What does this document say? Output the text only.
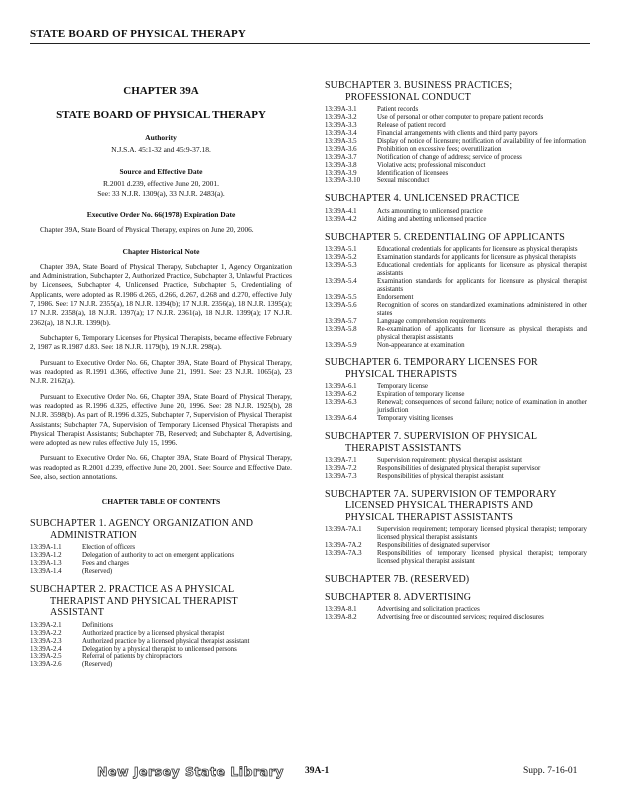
STATE BOARD OF PHYSICAL THERAPY
CHAPTER 39A
STATE BOARD OF PHYSICAL THERAPY
Authority
N.J.S.A. 45:1-32 and 45:9-37.18.
Source and Effective Date
R.2001 d.239, effective June 20, 2001.
See: 33 N.J.R. 1309(a), 33 N.J.R. 2483(a).
Executive Order No. 66(1978) Expiration Date
Chapter 39A, State Board of Physical Therapy, expires on June 20, 2006.
Chapter Historical Note
Chapter 39A, State Board of Physical Therapy, Subchapter 1, Agency Organization and Administration, Subchapter 2, Authorized Practice, Subchapter 3, Unlawful Practices by Licensees, Subchapter 4, Unlicensed Practice, Subchapter 5, Credentialing of Applicants, were adopted as R.1986 d.265, d.266, d.267, d.268 and d.270, effective July 7, 1986. See: 17 N.J.R. 2355(a), 18 N.J.R. 1394(b); 17 N.J.R. 2356(a), 18 N.J.R. 1395(a); 17 N.J.R. 2358(a), 18 N.J.R. 1397(a); 17 N.J.R. 2361(a), 18 N.J.R. 1399(a); 17 N.J.R. 2362(a), 18 N.J.R. 1399(b).
Subchapter 6, Temporary Licenses for Physical Therapists, became effective February 2, 1987 as R.1987 d.83. See: 18 N.J.R. 1179(b), 19 N.J.R. 298(a).
Pursuant to Executive Order No. 66, Chapter 39A, State Board of Physical Therapy, was readopted as R.1991 d.366, effective June 21, 1991. See: 23 N.J.R. 1065(a), 23 N.J.R. 2162(a).
Pursuant to Executive Order No. 66, Chapter 39A, State Board of Physical Therapy, was readopted as R.1996 d.325, effective June 20, 1996. See: 28 N.J.R. 1925(b), 28 N.J.R. 3598(b). As part of R.1996 d.325, Subchapter 7, Supervision of Physical Therapist Assistants; Subchapter 7A, Supervision of Temporary Licensed Physical Therapists and Physical Therapist Assistants; Subchapter 7B, Reserved; and Subchapter 8, Advertising, were adopted as new rules effective July 15, 1996.
Pursuant to Executive Order No. 66, Chapter 39A, State Board of Physical Therapy, was readopted as R.2001 d.239, effective June 20, 2001. See: Source and Effective Date. See, also, section annotations.
CHAPTER TABLE OF CONTENTS
SUBCHAPTER 1. AGENCY ORGANIZATION AND
ADMINISTRATION
13:39A-1.1	Election of officers
13:39A-1.2	Delegation of authority to act on emergent applications
13:39A-1.3	Fees and charges
13:39A-1.4	(Reserved)
SUBCHAPTER 2. PRACTICE AS A PHYSICAL
THERAPIST AND PHYSICAL THERAPIST
ASSISTANT
13:39A-2.1	Definitions
13:39A-2.2	Authorized practice by a licensed physical therapist
13:39A-2.3	Authorized practice by a licensed physical therapist assistant
13:39A-2.4	Delegation by a physical therapist to unlicensed persons
13:39A-2.5	Referral of patients by chiropractors
13:39A-2.6	(Reserved)
SUBCHAPTER 3. BUSINESS PRACTICES;
PROFESSIONAL CONDUCT
13:39A-3.1	Patient records
13:39A-3.2	Use of personal or other computer to prepare patient records
13:39A-3.3	Release of patient record
13:39A-3.4	Financial arrangements with clients and third party payors
13:39A-3.5	Display of notice of licensure; notification of availability of fee information
13:39A-3.6	Prohibition on excessive fees; overutilization
13:39A-3.7	Notification of change of address; service of process
13:39A-3.8	Violative acts; professional misconduct
13:39A-3.9	Identification of licensees
13:39A-3.10	Sexual misconduct
SUBCHAPTER 4. UNLICENSED PRACTICE
13:39A-4.1	Acts amounting to unlicensed practice
13:39A-4.2	Aiding and abetting unlicensed practice
SUBCHAPTER 5. CREDENTIALING OF APPLICANTS
13:39A-5.1	Educational credentials for applicants for licensure as physical therapists
13:39A-5.2	Examination standards for applicants for licensure as physical therapists
13:39A-5.3	Educational credentials for applicants for licensure as physical therapist assistants
13:39A-5.4	Examination standards for applicants for licensure as physical therapist assistants
13:39A-5.5	Endorsement
13:39A-5.6	Recognition of scores on standardized examinations administered in other states
13:39A-5.7	Language comprehension requirements
13:39A-5.8	Re-examination of applicants for licensure as physical therapists and physical therapist assistants
13:39A-5.9	Non-appearance at examination
SUBCHAPTER 6. TEMPORARY LICENSES FOR
PHYSICAL THERAPISTS
13:39A-6.1	Temporary license
13:39A-6.2	Expiration of temporary license
13:39A-6.3	Renewal; consequences of second failure; notice of examination in another jurisdiction
13:39A-6.4	Temporary visiting licenses
SUBCHAPTER 7. SUPERVISION OF PHYSICAL
THERAPIST ASSISTANTS
13:39A-7.1	Supervision requirement: physical therapist assistant
13:39A-7.2	Responsibilities of designated physical therapist supervisor
13:39A-7.3	Responsibilities of physical therapist assistant
SUBCHAPTER 7A. SUPERVISION OF TEMPORARY
LICENSED PHYSICAL THERAPISTS AND
PHYSICAL THERAPIST ASSISTANTS
13:39A-7A.1	Supervision requirement; temporary licensed physical therapist; temporary licensed physical therapist assistants
13:39A-7A.2	Responsibilities of designated supervisor
13:39A-7A.3	Responsibilities of temporary licensed physical therapist; temporary licensed physical therapist assistant
SUBCHAPTER 7B. (RESERVED)
SUBCHAPTER 8. ADVERTISING
13:39A-8.1	Advertising and solicitation practices
13:39A-8.2	Advertising free or discounted services; required disclosures
New Jersey State Library 39A-1	Supp. 7-16-01
